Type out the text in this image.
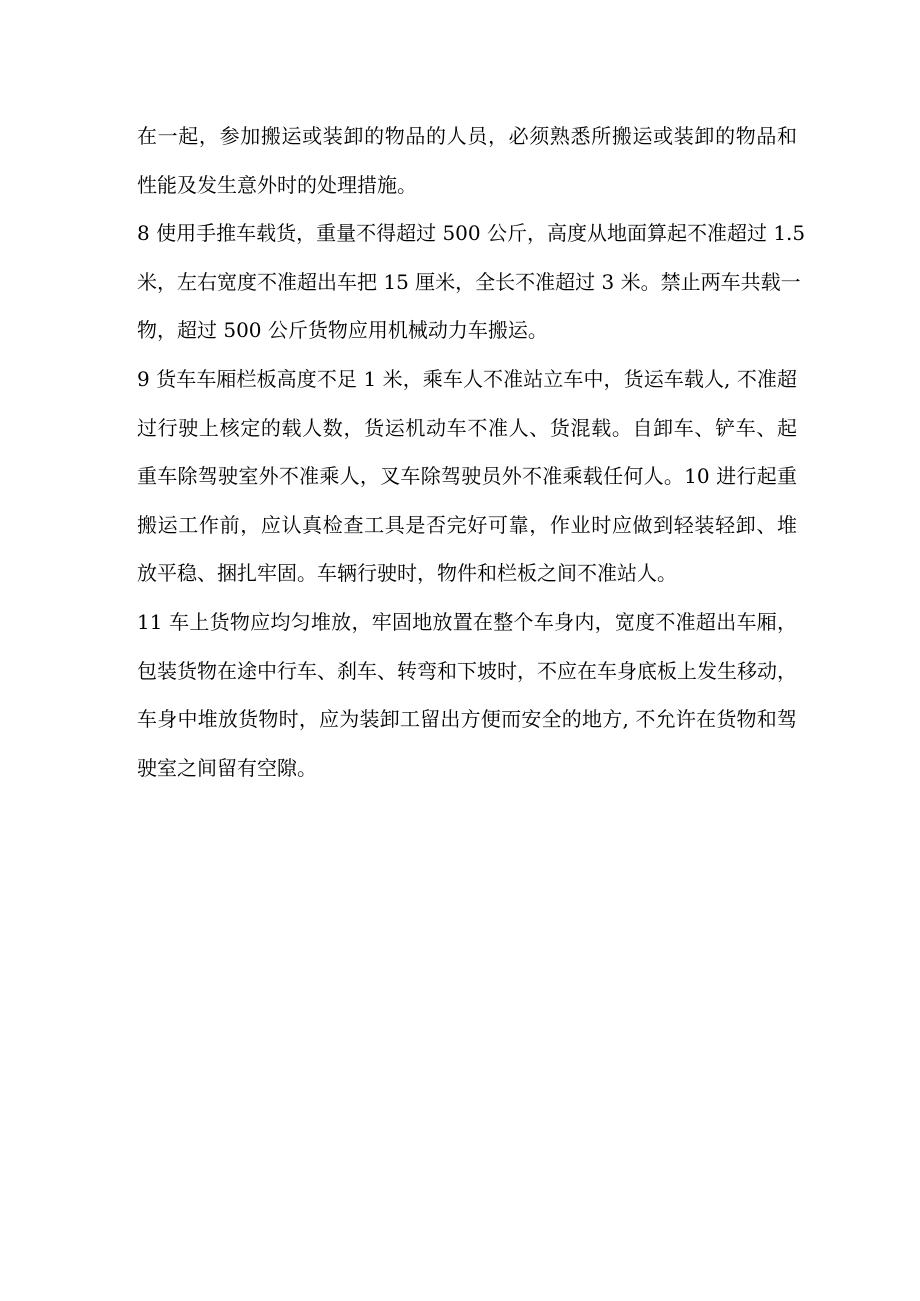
在一起，参加搬运或装卸的物品的人员，必须熟悉所搬运或装卸的物品和
性能及发生意外时的处理措施。
8 使用手推车载货，重量不得超过 500 公斤，高度从地面算起不准超过 1.5
米，左右宽度不准超出车把 15 厘米，全长不准超过 3 米。禁止两车共载一
物，超过 500 公斤货物应用机械动力车搬运。
9 货车车厢栏板高度不足 1 米，乘车人不准站立车中，货运车载人, 不准超
过行驶上核定的载人数，货运机动车不准人、货混载。自卸车、铲车、起
重车除驾驶室外不准乘人，叉车除驾驶员外不准乘载任何人。10 进行起重
搬运工作前，应认真检查工具是否完好可靠，作业时应做到轻装轻卸、堆
放平稳、捆扎牢固。车辆行驶时，物件和栏板之间不准站人。
11 车上货物应均匀堆放，牢固地放置在整个车身内，宽度不准超出车厢，
包装货物在途中行车、刹车、转弯和下坡时，不应在车身底板上发生移动，
车身中堆放货物时，应为装卸工留出方便而安全的地方, 不允许在货物和驾
驶室之间留有空隙。
